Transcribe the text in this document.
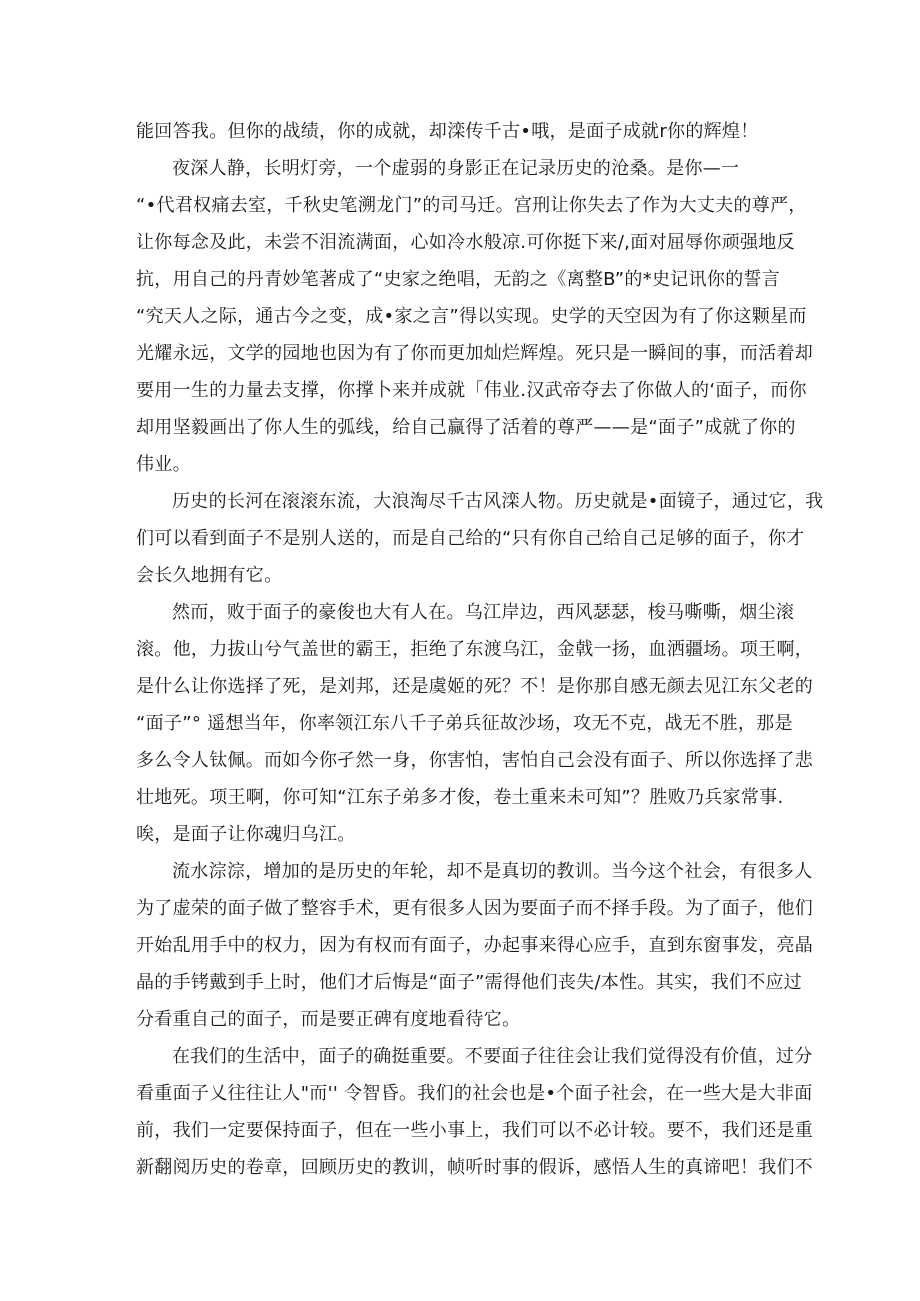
能回答我。但你的战绩，你的成就，却滦传千古•哦，是面子成就r你的辉煌！
夜深人静，长明灯旁，一个虚弱的身影正在记录历史的沧桑。是你—一
“•代君权痛去室，千秋史笔溯龙门”的司马迁。宫刑让你失去了作为大丈夫的尊严，
让你每念及此，未尝不泪流满面，心如冷水般凉.可你挺下来/,面对屈辱你顽强地反
抗，用自己的丹青妙笔著成了“史家之绝唱，无韵之《离整B”的*史记讯你的誓言
“究天人之际，通古今之变，成•家之言”得以实现。史学的天空因为有了你这颗星而
光耀永远，文学的园地也因为有了你而更加灿烂辉煌。死只是一瞬间的事，而活着却
要用一生的力量去支撑，你撑卜来并成就「伟业.汉武帝夺去了你做人的‘面子，而你
却用坚毅画出了你人生的弧线，给自己赢得了活着的尊严——是“面子”成就了你的
伟业。
历史的长河在滚滚东流，大浪淘尽千古风滦人物。历史就是•面镜子，通过它，我
们可以看到面子不是别人送的，而是自己给的“只有你自己给自己足够的面子，你才
会长久地拥有它。
然而，败于面子的豪俊也大有人在。乌江岸边，西风瑟瑟，梭马嘶嘶，烟尘滚
滚。他，力拔山兮气盖世的霸王，拒绝了东渡乌江，金戟一扬，血洒疆场。项王啊，
是什么让你选择了死，是刘邦，还是虞姬的死？不！是你那自感无颜去见江东父老的
“面子”° 遥想当年，你率领江东八千子弟兵征故沙场，攻无不克，战无不胜，那是
多么令人钛佩。而如今你孑然一身，你害怕，害怕自己会没有面子、所以你选择了悲
壮地死。项王啊，你可知“江东子弟多才俊，卷土重来未可知”？胜败乃兵家常事.
唉，是面子让你魂归乌江。
流水淙淙，增加的是历史的年轮，却不是真切的教训。当今这个社会，有很多人
为了虚荣的面子做了整容手术，更有很多人因为要面子而不择手段。为了面子，他们
开始乱用手中的权力，因为有权而有面子，办起事来得心应手，直到东窗事发，亮晶
晶的手铐戴到手上时，他们才后悔是“面子”需得他们丧失/本性。其实，我们不应过
分看重自己的面子，而是要正碑有度地看待它。
在我们的生活中，面子的确挺重要。不要面子往往会让我们觉得没有价值，过分
看重面子乂往往让人"而'' 令智昏。我们的社会也是•个面子社会，在一些大是大非面
前，我们一定要保持面子，但在一些小事上，我们可以不必计较。要不，我们还是重
新翻阅历史的卷章，回顾历史的教训，帧听时事的假诉，感悟人生的真谛吧！我们不
